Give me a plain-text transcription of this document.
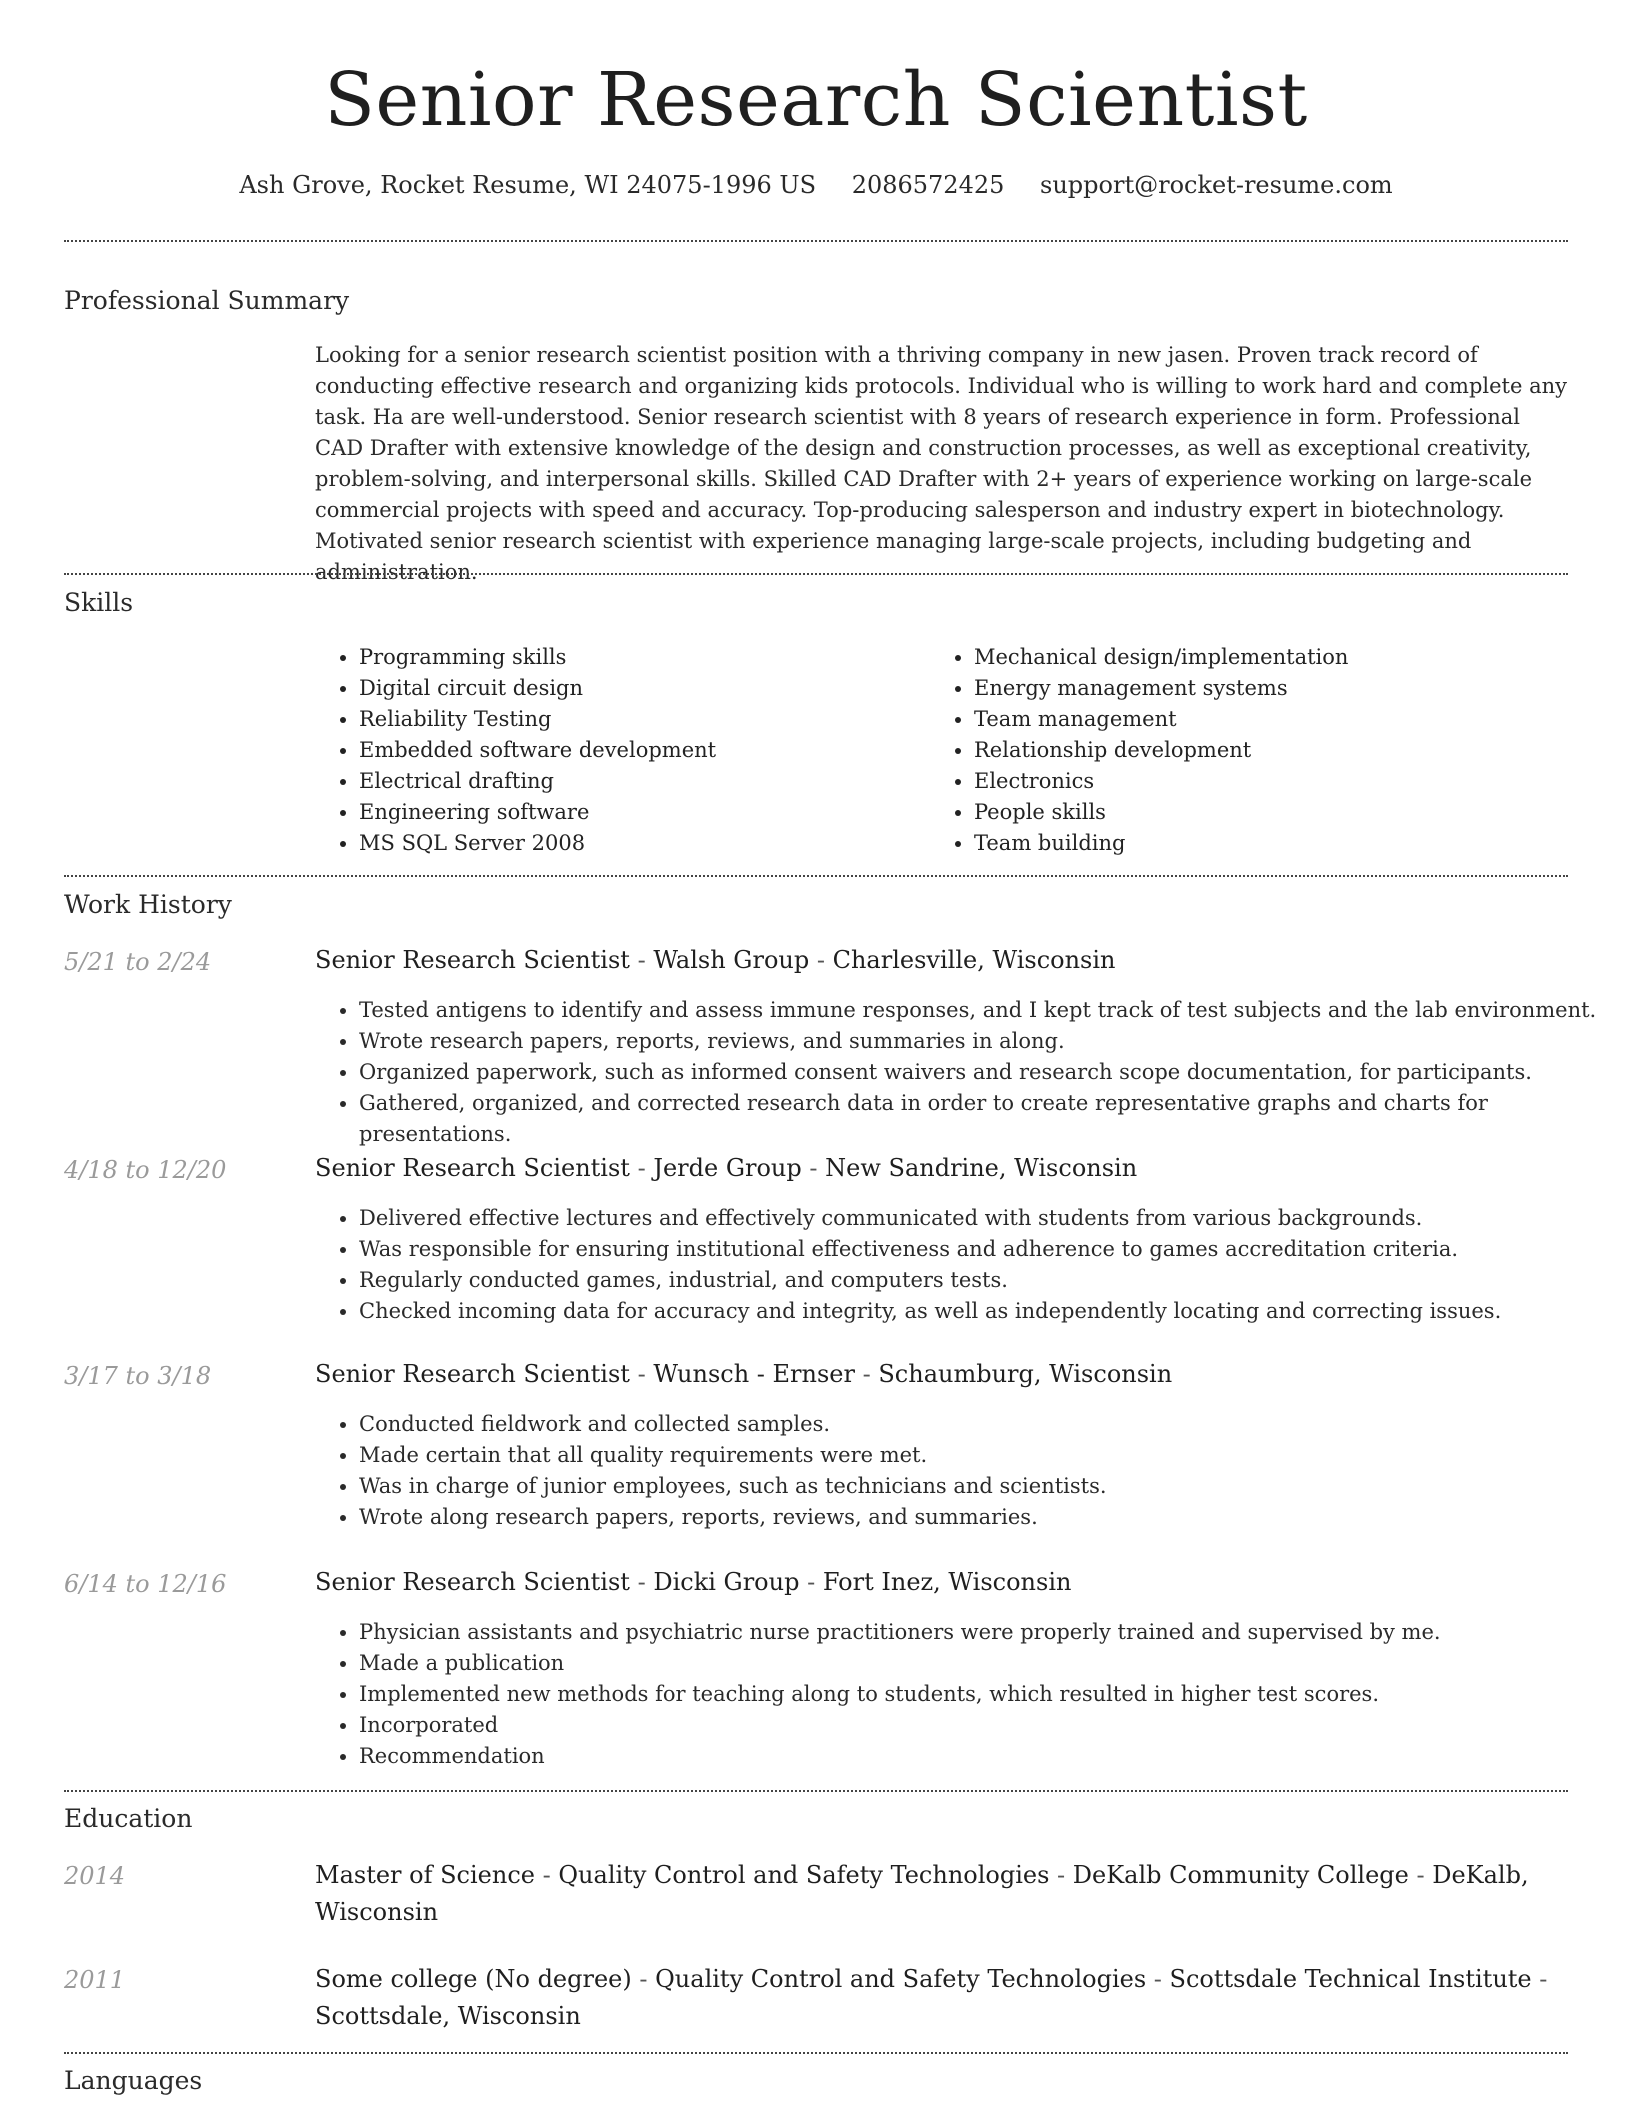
Senior Research Scientist
Ash Grove, Rocket Resume, WI 24075-1996 US 2086572425 support@rocket-resume.com
Professional Summary

Looking for a senior research scientist position with a thriving company in new jasen. Proven track record of conducting effective research and organizing kids protocols. Individual who is willing to work hard and complete any task. Ha are well-understood. Senior research scientist with 8 years of research experience in form. Professional CAD Drafter with extensive knowledge of the design and construction processes, as well as exceptional creativity, problem-solving, and interpersonal skills. Skilled CAD Drafter with 2+ years of experience working on large-scale commercial projects with speed and accuracy. Top-producing salesperson and industry expert in biotechnology. Motivated senior research scientist with experience managing large-scale projects, including budgeting and administration.

Skills
• Programming skills
• Digital circuit design
• Reliability Testing
• Embedded software development
• Electrical drafting
• Engineering software
• MS SQL Server 2008
• Mechanical design/implementation
• Energy management systems
• Team management
• Relationship development
• Electronics
• People skills
• Team building
Work History
5/21 to 2/24	Senior Research Scientist - Walsh Group - Charlesville, Wisconsin
• Tested antigens to identify and assess immune responses, and I kept track of test subjects and the lab environment.
• Wrote research papers, reports, reviews, and summaries in along.
• Organized paperwork, such as informed consent waivers and research scope documentation, for participants.
• Gathered, organized, and corrected research data in order to create representative graphs and charts for presentations.
4/18 to 12/20	Senior Research Scientist - Jerde Group - New Sandrine, Wisconsin
• Delivered effective lectures and effectively communicated with students from various backgrounds.
• Was responsible for ensuring institutional effectiveness and adherence to games accreditation criteria.
• Regularly conducted games, industrial, and computers tests.
• Checked incoming data for accuracy and integrity, as well as independently locating and correcting issues.
3/17 to 3/18	Senior Research Scientist - Wunsch - Ernser - Schaumburg, Wisconsin
• Conducted fieldwork and collected samples.
• Made certain that all quality requirements were met.
• Was in charge of junior employees, such as technicians and scientists.
• Wrote along research papers, reports, reviews, and summaries.
6/14 to 12/16	Senior Research Scientist - Dicki Group - Fort Inez, Wisconsin
• Physician assistants and psychiatric nurse practitioners were properly trained and supervised by me.
• Made a publication
• Implemented new methods for teaching along to students, which resulted in higher test scores.
• Incorporated
• Recommendation
Education
2014	Master of Science - Quality Control and Safety Technologies - DeKalb Community College - DeKalb, Wisconsin
2011	Some college (No degree) - Quality Control and Safety Technologies - Scottsdale Technical Institute - Scottsdale, Wisconsin
Languages
